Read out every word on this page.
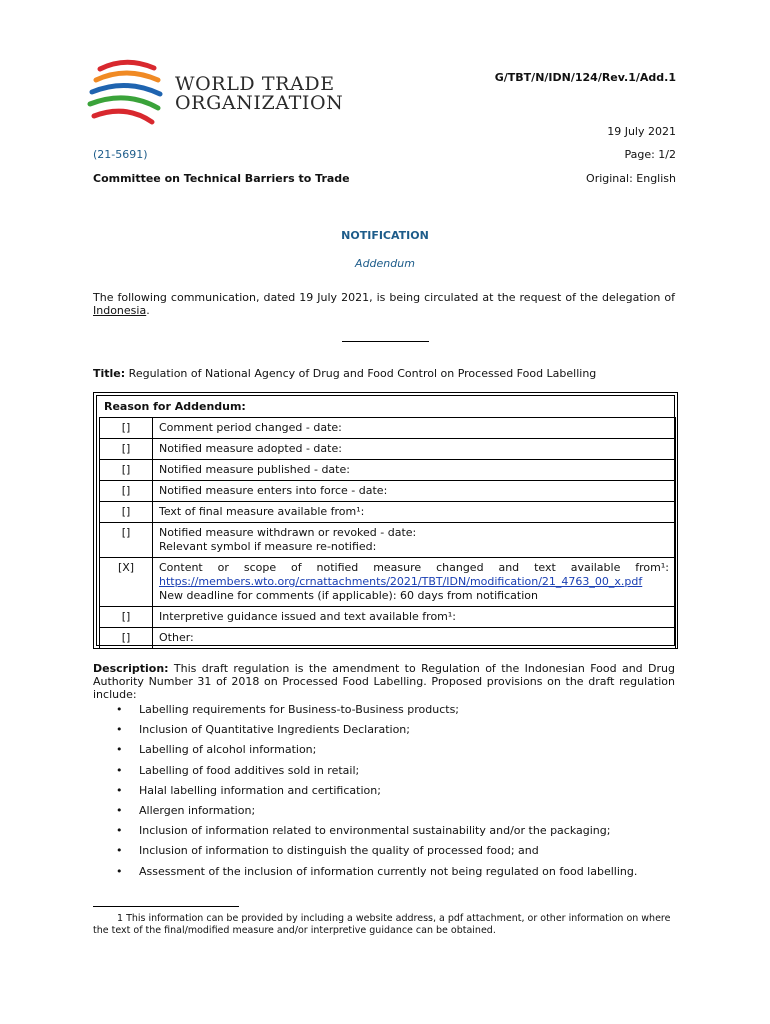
WORLD TRADE
ORGANIZATION
G/TBT/N/IDN/124/Rev.1/Add.1
19 July 2021
(21-5691)	Page: 1/2
Committee on Technical Barriers to Trade	Original: English
NOTIFICATION
Addendum
The following communication, dated 19 July 2021, is being circulated at the request of the delegation of Indonesia.
Title: Regulation of National Agency of Drug and Food Control on Processed Food Labelling
Reason for Addendum:
[]	Comment period changed - date:
[]	Notified measure adopted - date:
[]	Notified measure published - date:
[]	Notified measure enters into force - date:
[]	Text of final measure available from¹:
[]	Notified measure withdrawn or revoked - date:
Relevant symbol if measure re-notified:

[X]	Content or scope of notified measure changed and text available from¹:
https://members.wto.org/crnattachments/2021/TBT/IDN/modification/21_4763_00_x.pdf
New deadline for comments (if applicable): 60 days from notification

[]	Interpretive guidance issued and text available from¹:
[]	Other:
Description: This draft regulation is the amendment to Regulation of the Indonesian Food and Drug Authority Number 31 of 2018 on Processed Food Labelling. Proposed provisions on the draft regulation include:
• Labelling requirements for Business-to-Business products;
• Inclusion of Quantitative Ingredients Declaration;
• Labelling of alcohol information;
• Labelling of food additives sold in retail;
• Halal labelling information and certification;
• Allergen information;
• Inclusion of information related to environmental sustainability and/or the packaging;
• Inclusion of information to distinguish the quality of processed food; and
• Assessment of the inclusion of information currently not being regulated on food labelling.
1 This information can be provided by including a website address, a pdf attachment, or other information on where the text of the final/modified measure and/or interpretive guidance can be obtained.
